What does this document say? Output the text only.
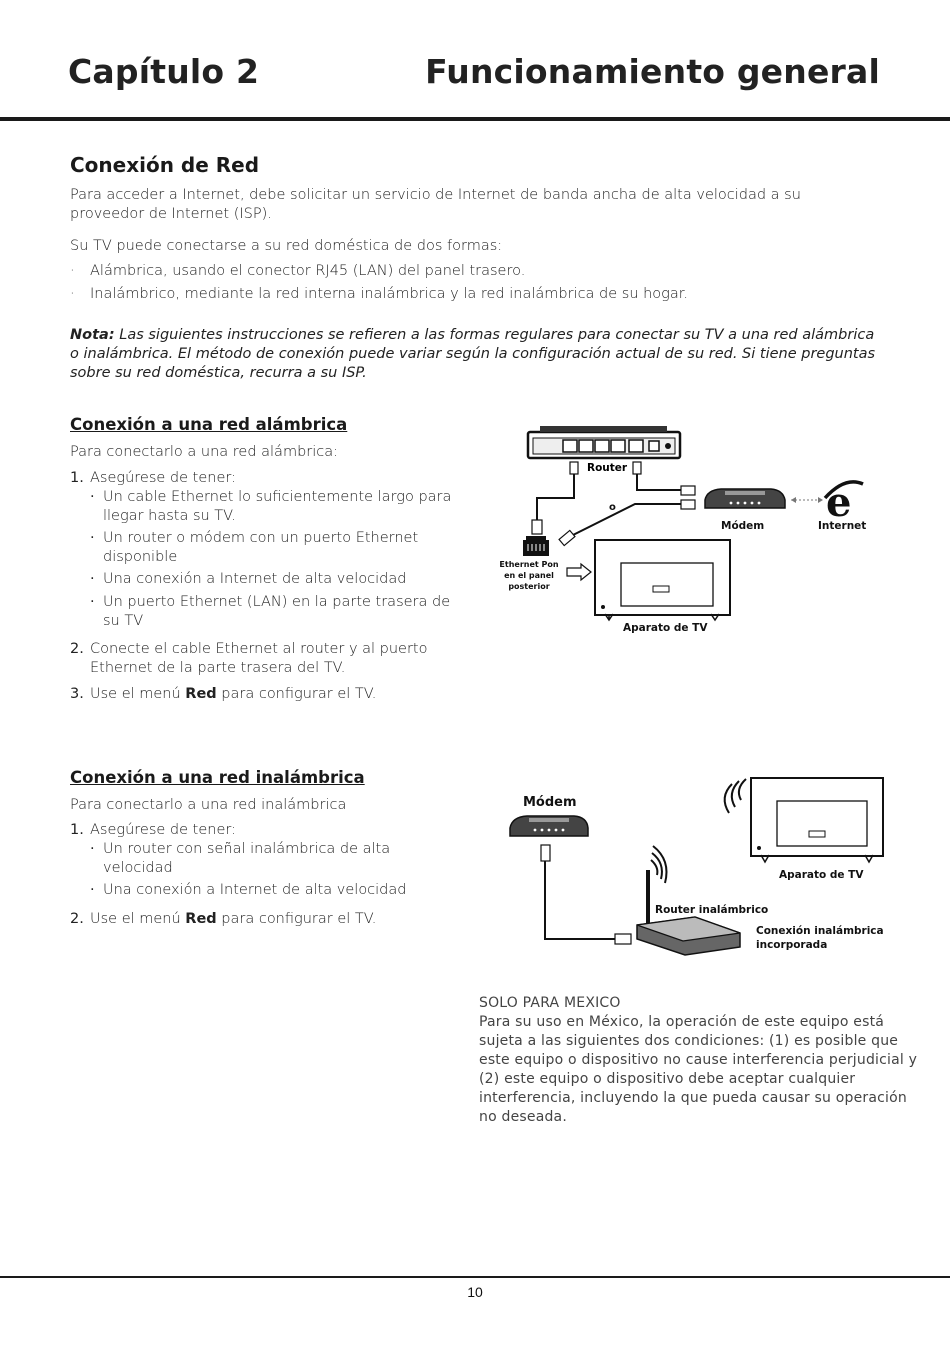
Capítulo 2	Funcionamiento general
Conexión de Red
Para acceder a Internet, debe solicitar un servicio de Internet de banda ancha de alta velocidad a su proveedor de Internet (ISP).
Su TV puede conectarse a su red doméstica de dos formas:
· Alámbrica, usando el conector RJ45 (LAN) del panel trasero.
· Inalámbrico, mediante la red interna inalámbrica y la red inalámbrica de su hogar.
Nota: Las siguientes instrucciones se refieren a las formas regulares para conectar su TV a una red alámbrica o inalámbrica. El método de conexión puede variar según la configuración actual de su red. Si tiene preguntas sobre su red doméstica, recurra a su ISP.
Conexión a una red alámbrica
Para conectarlo a una red alámbrica:
1. Asegúrese de tener:
· Un cable Ethernet lo suficientemente largo para llegar hasta su TV.
· Un router o módem con un puerto Ethernet disponible
· Una conexión a Internet de alta velocidad
· Un puerto Ethernet (LAN) en la parte trasera de su TV
2. Conecte el cable Ethernet al router y al puerto Ethernet de la parte trasera del TV.
3. Use el menú Red para configurar el TV.
Router
o
Módem e
Internet
Ethernet Pon
en el panel
posterior
Aparato de TV
Conexión a una red inalámbrica
Para conectarlo a una red inalámbrica
1. Asegúrese de tener:
· Un router con señal inalámbrica de alta velocidad
· Una conexión a Internet de alta velocidad
2. Use el menú Red para configurar el TV.
Módem
Router inalámbrico
Conexión inalámbrica
incorporada
Aparato de TV
SOLO PARA MEXICO
Para su uso en México, la operación de este equipo está sujeta a las siguientes dos condiciones: (1) es posible que este equipo o dispositivo no cause interferencia perjudicial y (2) este equipo o dispositivo debe aceptar cualquier interferencia, incluyendo la que pueda causar su operación no deseada.
10
